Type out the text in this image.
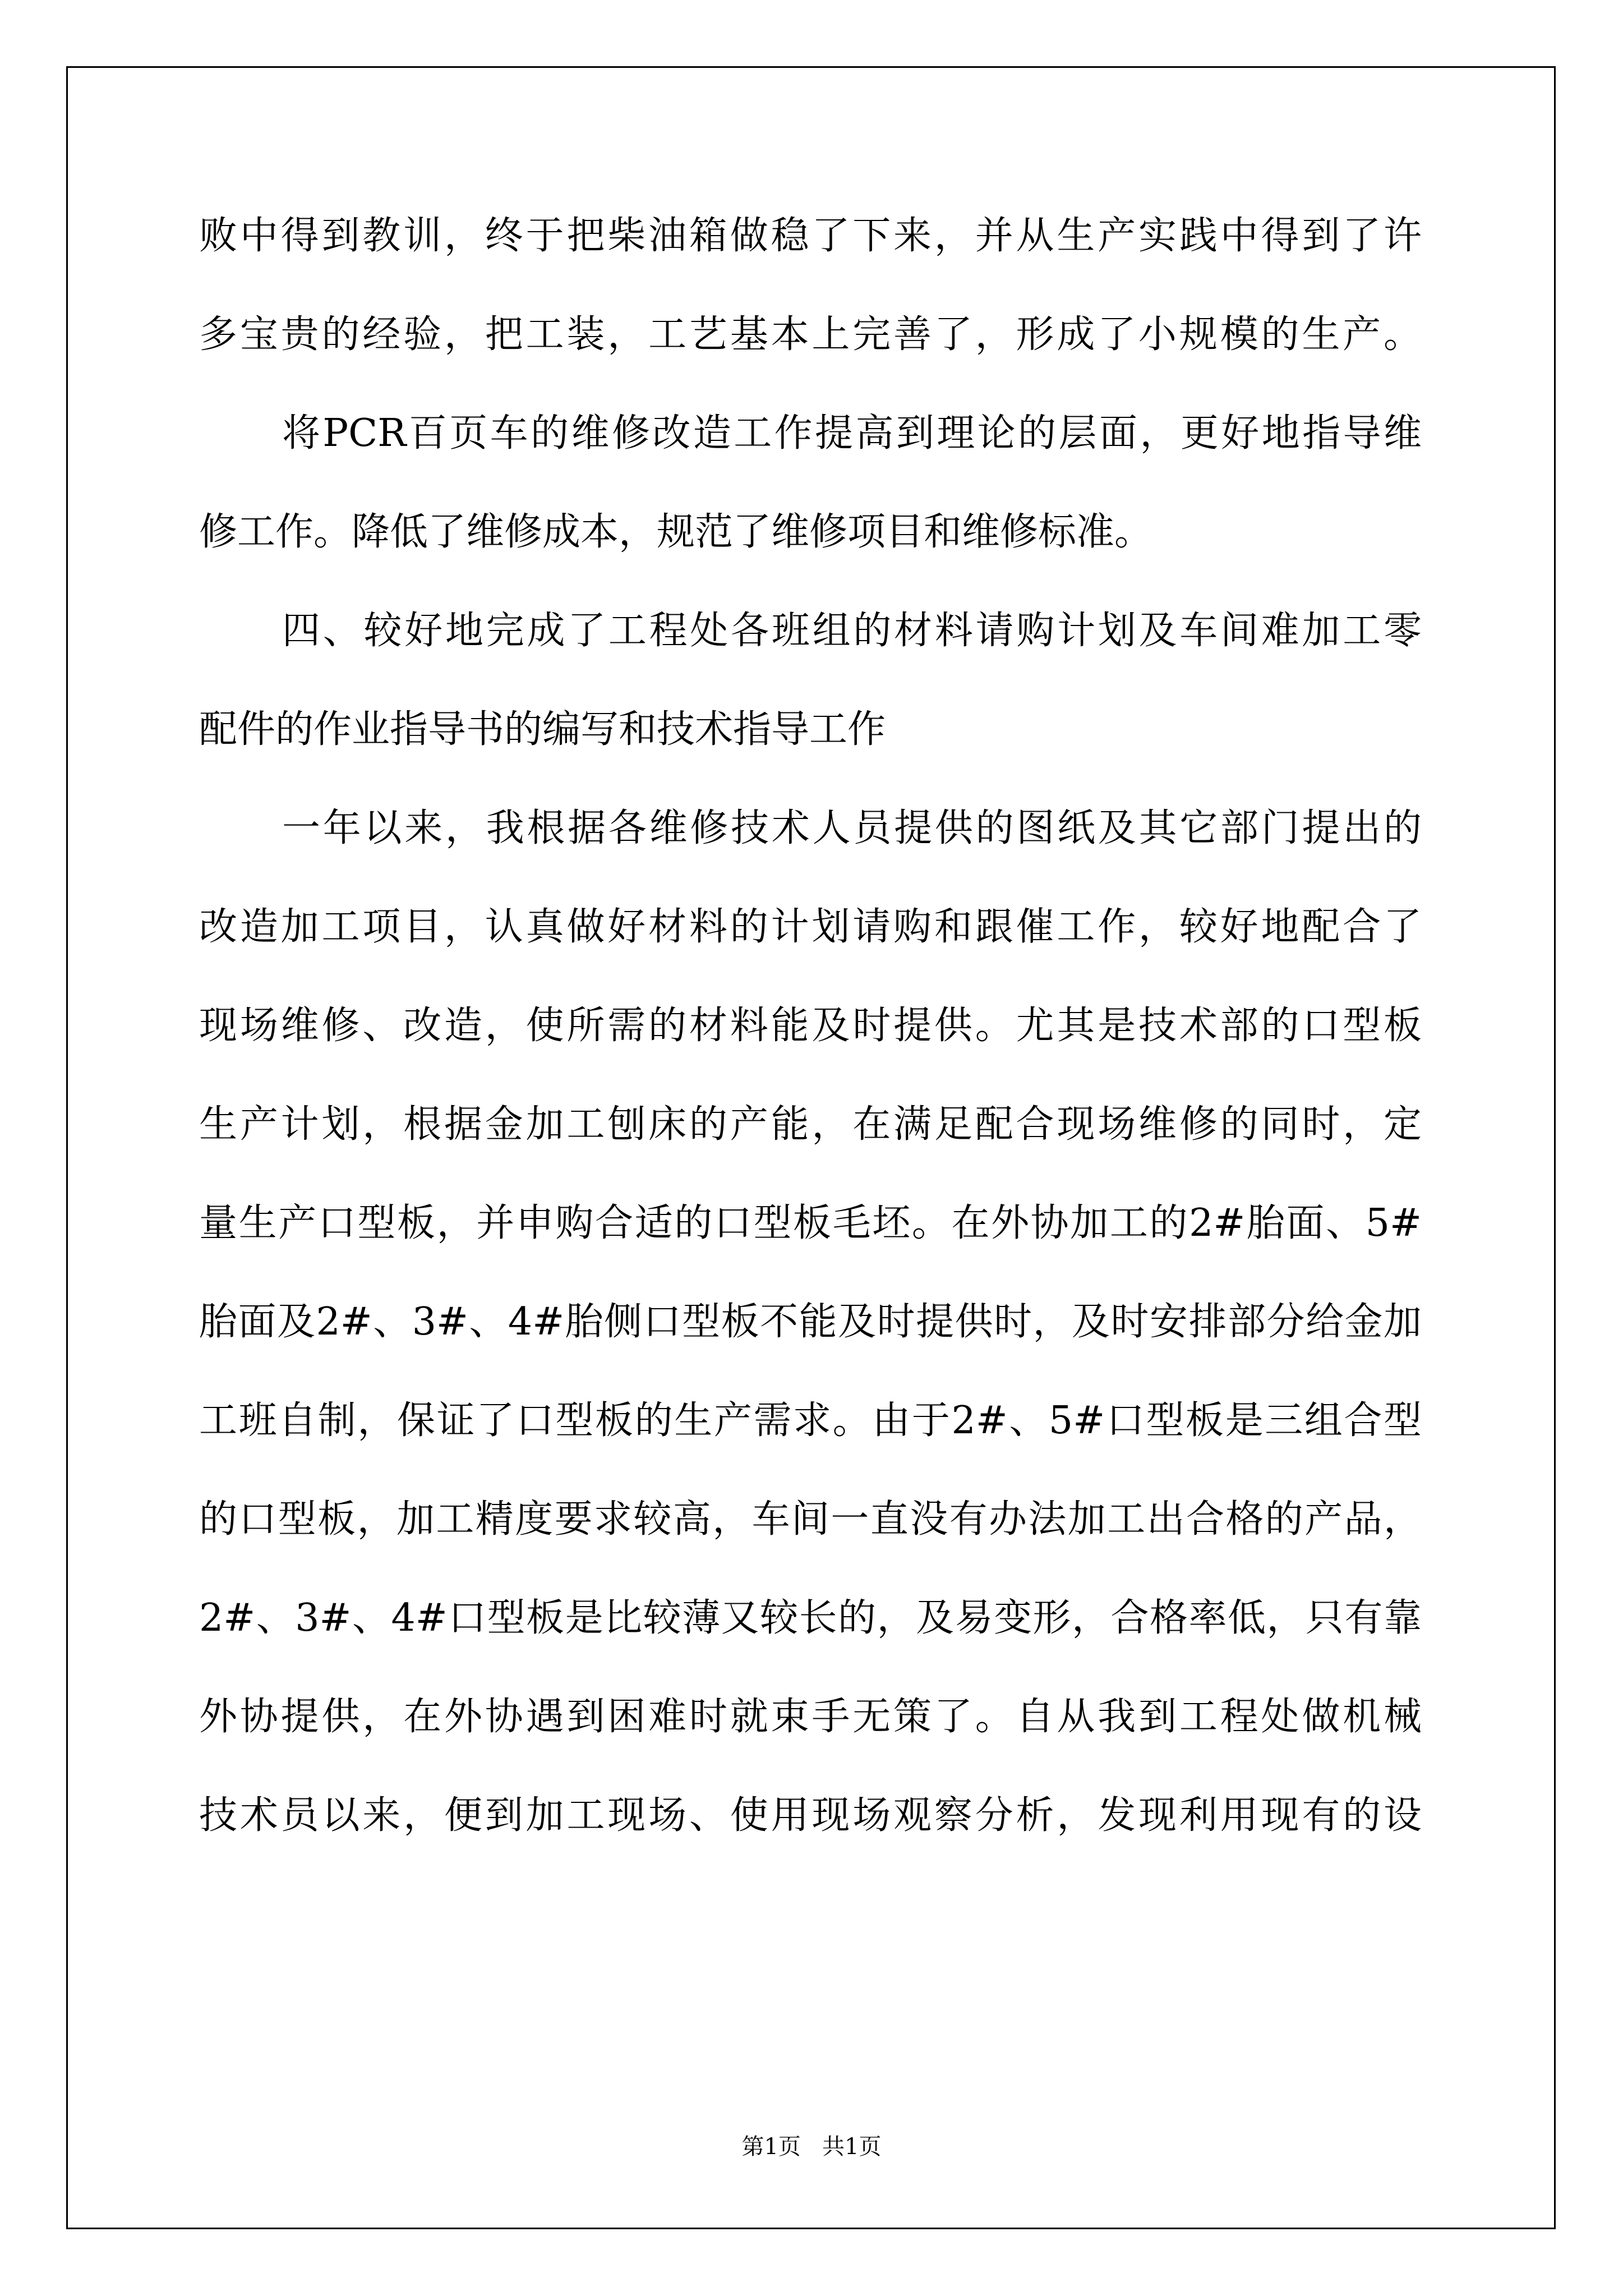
败中得到教训，终于把柴油箱做稳了下来，并从生产实践中得到了许
多宝贵的经验，把工装，工艺基本上完善了，形成了小规模的生产。
将PCR百页车的维修改造工作提高到理论的层面，更好地指导维
修工作。降低了维修成本，规范了维修项目和维修标准。
四、较好地完成了工程处各班组的材料请购计划及车间难加工零
配件的作业指导书的编写和技术指导工作
一年以来，我根据各维修技术人员提供的图纸及其它部门提出的
改造加工项目，认真做好材料的计划请购和跟催工作，较好地配合了
现场维修、改造，使所需的材料能及时提供。尤其是技术部的口型板
生产计划，根据金加工刨床的产能，在满足配合现场维修的同时，定
量生产口型板，并申购合适的口型板毛坯。在外协加工的2#胎面、5#
胎面及2#、3#、4#胎侧口型板不能及时提供时，及时安排部分给金加
工班自制，保证了口型板的生产需求。由于2#、5#口型板是三组合型
的口型板，加工精度要求较高，车间一直没有办法加工出合格的产品，
2#、3#、4#口型板是比较薄又较长的，及易变形，合格率低，只有靠
外协提供，在外协遇到困难时就束手无策了。自从我到工程处做机械
技术员以来，便到加工现场、使用现场观察分析，发现利用现有的设
第1页   共1页
